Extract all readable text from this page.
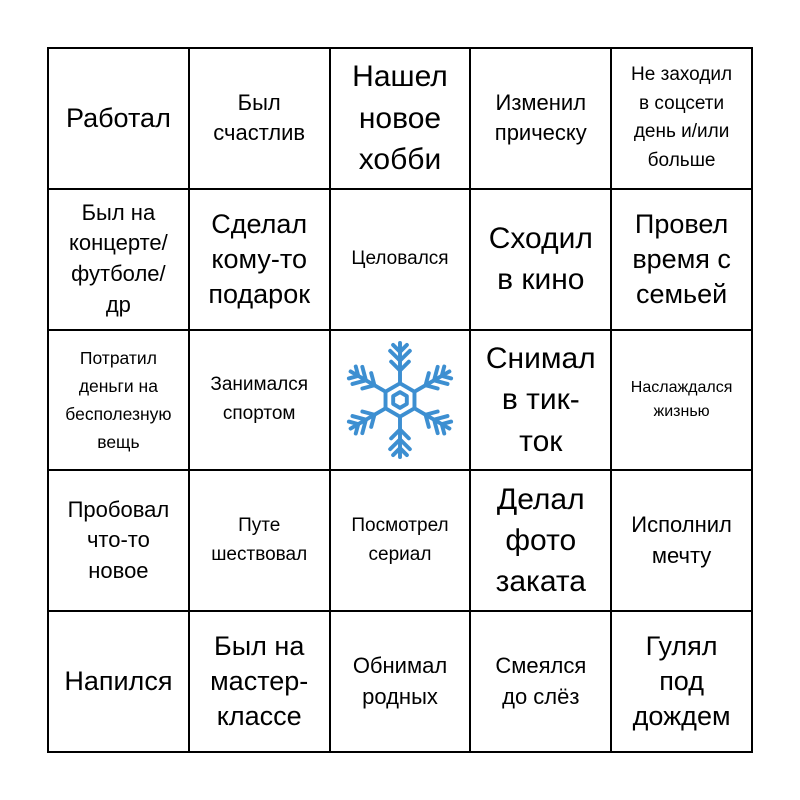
Работал
Был
счастлив
Нашел
новое
хобби
Изменил
прическу
Не заходил
в соцсети
день и/или
больше
Был на
концерте/
футболе/
др
Сделал
кому-то
подарок
Целовался
Сходил
в кино
Провел
время с
семьей
Потратил
деньги на
бесполезную
вещь
Занимался
спортом
Снимал
в тик-
ток
Наслаждался
жизнью
Пробовал
что-то
новое
Путе
шествовал
Посмотрел
сериал
Делал
фото
заката
Исполнил
мечту
Напился
Был на
мастер-
классе
Обнимал
родных
Смеялся
до слёз
Гулял
под
дождем
